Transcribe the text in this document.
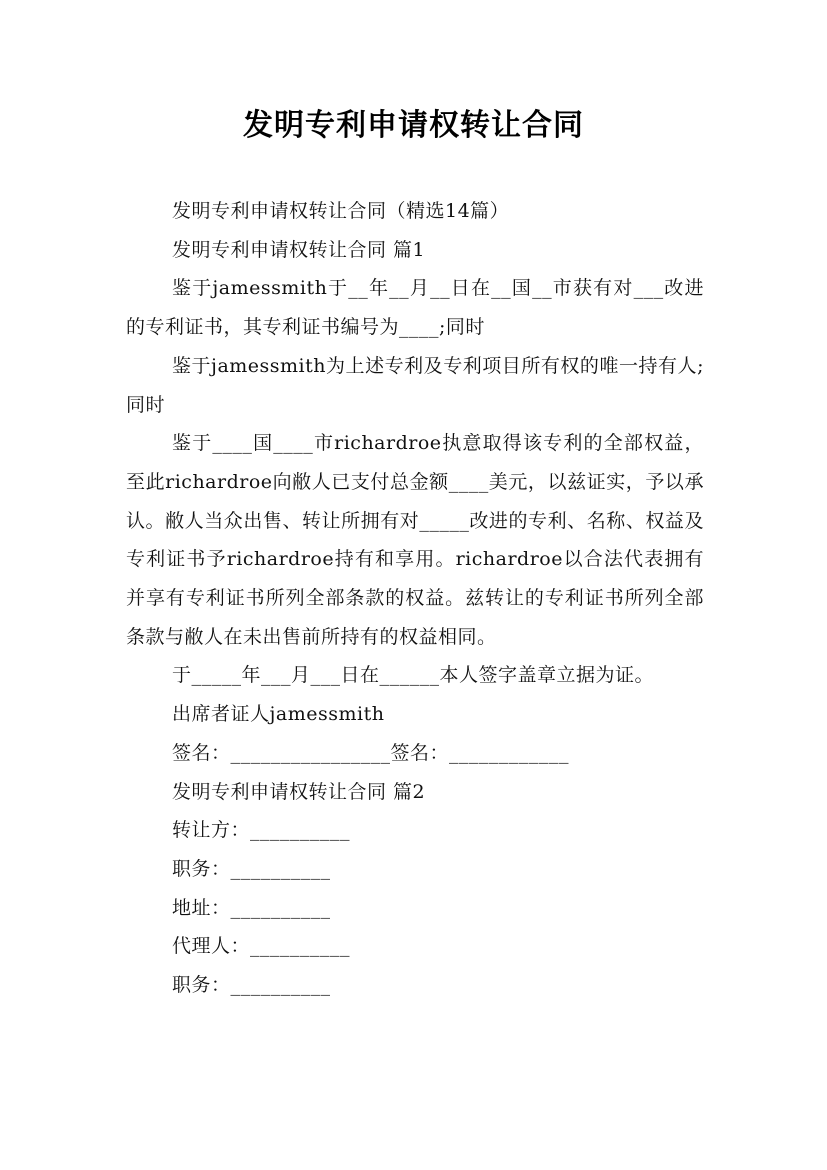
发明专利申请权转让合同

发明专利申请权转让合同（精选14篇）

发明专利申请权转让合同 篇1

鉴于jamessmith于__年__月__日在__国__市获有对___改进的专利证书，其专利证书编号为____;同时

鉴于jamessmith为上述专利及专利项目所有权的唯一持有人;同时

鉴于____国____市richardroe执意取得该专利的全部权益，至此richardroe向敝人已支付总金额____美元，以兹证实，予以承认。敝人当众出售、转让所拥有对_____改进的专利、名称、权益及专利证书予richardroe持有和享用。richardroe以合法代表拥有并享有专利证书所列全部条款的权益。兹转让的专利证书所列全部条款与敝人在未出售前所持有的权益相同。

于_____年___月___日在______本人签字盖章立据为证。

出席者证人jamessmith

签名：________________签名：____________

发明专利申请权转让合同 篇2

转让方：__________

职务：__________

地址：__________

代理人：__________

职务：__________
